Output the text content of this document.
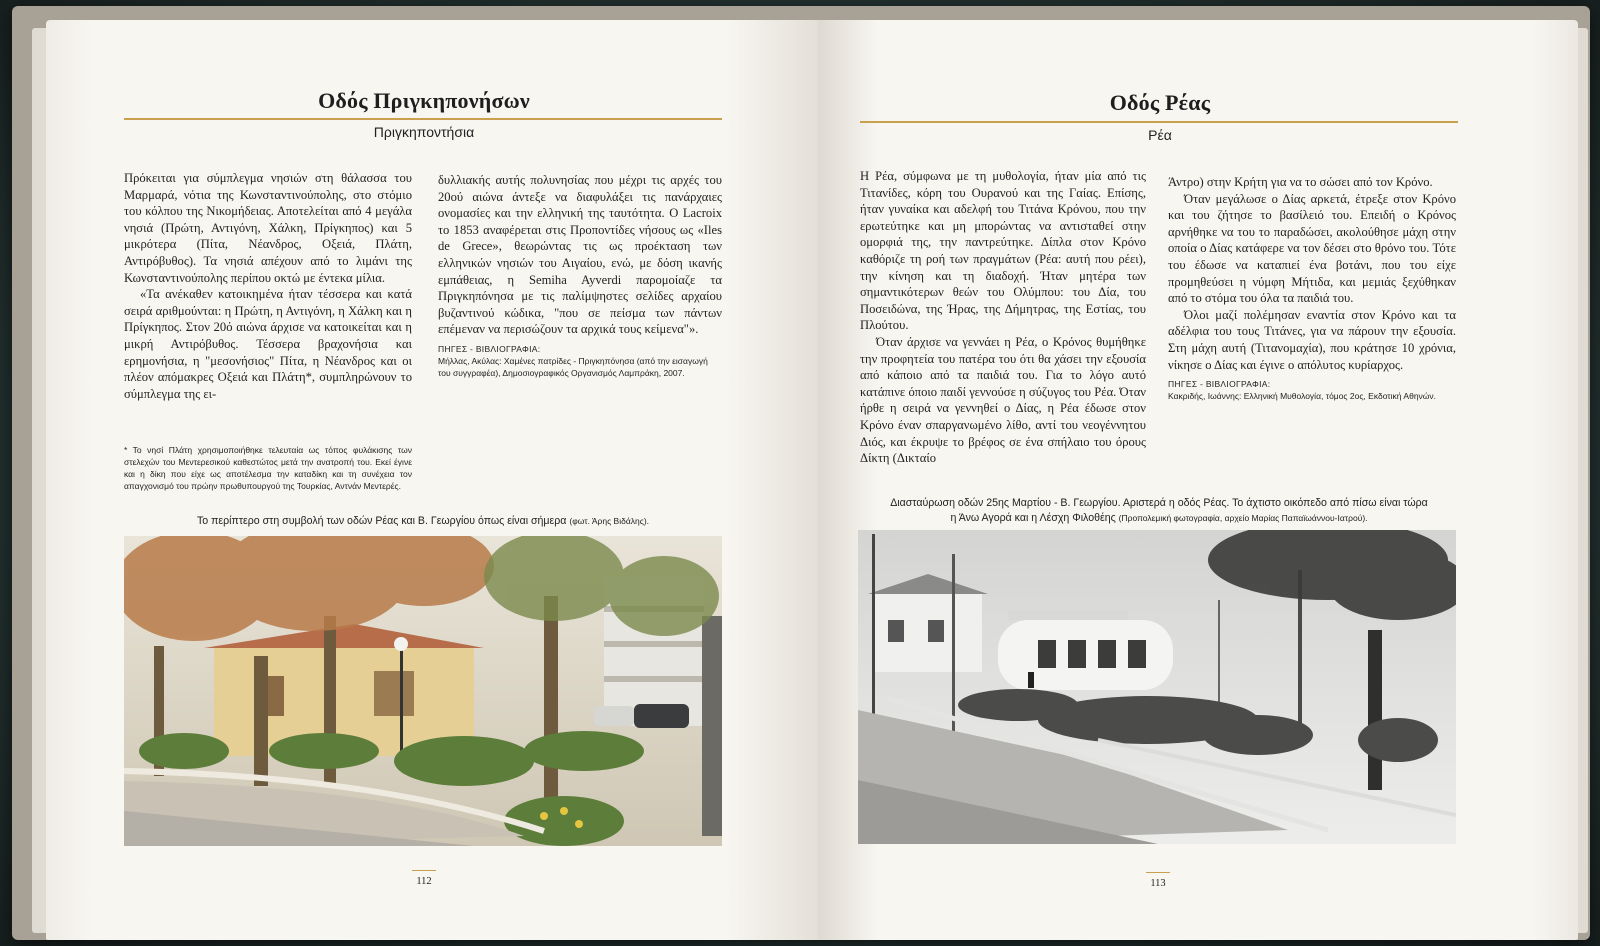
Οδός Πριγκηπονήσων
Πριγκηποντήσια

Πρόκειται για σύμπλεγμα νησιών στη θάλασσα του Μαρμαρά, νότια της Κωνσταντινούπολης, στο στόμιο του κόλπου της Νικομήδειας. Αποτελείται από 4 μεγάλα νησιά (Πρώτη, Αντιγόνη, Χάλκη, Πρίγκηπος) και 5 μικρότερα (Πίτα, Νέανδρος, Οξειά, Πλάτη, Αντιρόβυθος). Τα νησιά απέχουν από το λιμάνι της Κωνσταντινούπολης περίπου οκτώ με έντεκα μίλια.

«Τα ανέκαθεν κατοικημένα ήταν τέσσερα και κατά σειρά αριθμούνται: η Πρώτη, η Αντιγόνη, η Χάλκη και η Πρίγκηπος. Στον 20ό αιώνα άρχισε να κατοικείται και η μικρή Αντιρόβυθος. Τέσσερα βραχονήσια και ερημονήσια, η "μεσονήσιος" Πίτα, η Νέανδρος και οι πλέον απόμακρες Οξειά και Πλάτη*, συμπληρώνουν το σύμπλεγμα της ει-

* Το νησί Πλάτη χρησιμοποιήθηκε τελευταία ως τόπος φυλάκισης των στελεχών του Μεντερεσικού καθεστώτος μετά την ανατροπή του. Εκεί έγινε και η δίκη που είχε ως αποτέλεσμα την καταδίκη και τη συνέχεια τον απαγχονισμό του πρώην πρωθυπουργού της Τουρκίας, Αντνάν Μεντερές.

δυλλιακής αυτής πολυνησίας που μέχρι τις αρχές του 20ού αιώνα άντεξε να διαφυλάξει τις πανάρχαιες ονομασίες και την ελληνική της ταυτότητα. Ο Lacroix το 1853 αναφέρεται στις Προποντίδες νήσους ως «Iles de Grece», θεωρώντας τις ως προέκταση των ελληνικών νησιών του Αιγαίου, ενώ, με δόση ικανής εμπάθειας, η Semiha Ayverdi παρομοίαζε τα Πριγκηπόνησα με τις παλίμψηστες σελίδες αρχαίου βυζαντινού κώδικα, "που σε πείσμα των πάντων επέμεναν να περισώζουν τα αρχικά τους κείμενα"».

ΠΗΓΕΣ - ΒΙΒΛΙΟΓΡΑΦΙΑ:
Μήλλας, Ακύλας: Χαμένες πατρίδες - Πριγκηπόνησα (από την εισαγωγή του συγγραφέα), Δημοσιογραφικός Οργανισμός Λαμπράκη, 2007.
Το περίπτερο στη συμβολή των οδών Ρέας και Β. Γεωργίου όπως είναι σήμερα (φωτ. Άρης Βιδάλης).
112
Οδός Ρέας
Ρέα

Η Ρέα, σύμφωνα με τη μυθολογία, ήταν μία από τις Τιτανίδες, κόρη του Ουρανού και της Γαίας. Επίσης, ήταν γυναίκα και αδελφή του Τιτάνα Κρόνου, που την ερωτεύτηκε και μη μπορώντας να αντισταθεί στην ομορφιά της, την παντρεύτηκε. Δίπλα στον Κρόνο καθόριζε τη ροή των πραγμάτων (Ρέα: αυτή που ρέει), την κίνηση και τη διαδοχή. Ήταν μητέρα των σημαντικότερων θεών του Ολύμπου: του Δία, του Ποσειδώνα, της Ήρας, της Δήμητρας, της Εστίας, του Πλούτου.

Όταν άρχισε να γεννάει η Ρέα, ο Κρόνος θυμήθηκε την προφητεία του πατέρα του ότι θα χάσει την εξουσία από κάποιο από τα παιδιά του. Για το λόγο αυτό κατάπινε όποιο παιδί γεννούσε η σύζυγος του Ρέα. Όταν ήρθε η σειρά να γεννηθεί ο Δίας, η Ρέα έδωσε στον Κρόνο έναν σπαργανωμένο λίθο, αντί του νεογέννητου Διός, και έκρυψε το βρέφος σε ένα σπήλαιο του όρους Δίκτη (Δικταίο

Άντρο) στην Κρήτη για να το σώσει από τον Κρόνο.

Όταν μεγάλωσε ο Δίας αρκετά, έτρεξε στον Κρόνο και του ζήτησε το βασίλειό του. Επειδή ο Κρόνος αρνήθηκε να του το παραδώσει, ακολούθησε μάχη στην οποία ο Δίας κατάφερε να τον δέσει στο θρόνο του. Τότε του έδωσε να καταπιεί ένα βοτάνι, που του είχε προμηθεύσει η νύμφη Μήτιδα, και μεμιάς ξεχύθηκαν από το στόμα του όλα τα παιδιά του.

Όλοι μαζί πολέμησαν εναντία στον Κρόνο και τα αδέλφια του τους Τιτάνες, για να πάρουν την εξουσία. Στη μάχη αυτή (Τιτανομαχία), που κράτησε 10 χρόνια, νίκησε ο Δίας και έγινε ο απόλυτος κυρίαρχος.

ΠΗΓΕΣ - ΒΙΒΛΙΟΓΡΑΦΙΑ:
Κακριδής, Ιωάννης: Ελληνική Μυθολογία, τόμος 2ος, Εκδοτική Αθηνών.
Διασταύρωση οδών 25ης Μαρτίου - Β. Γεωργίου. Αριστερά η οδός Ρέας. Το άχτιστο οικόπεδο από πίσω είναι τώρα
η Άνω Αγορά και η Λέσχη Φιλοθέης (Προπολεμική φωτογραφία, αρχείο Μαρίας Παπαϊωάννου-Ιατρού).
113
